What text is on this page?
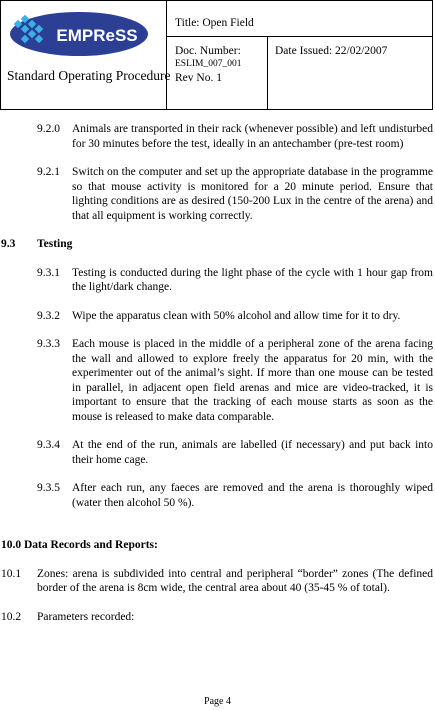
EMPReSS
Standard Operating Procedure
Title: Open Field
Doc. Number:
ESLIM_007_001
Rev No. 1
Date Issued: 22/02/2007
9.2.0 Animals are transported in their rack (whenever possible) and left undisturbed for 30 minutes before the test, ideally in an antechamber (pre-test room)
9.2.1 Switch on the computer and set up the appropriate database in the programme so that mouse activity is monitored for a 20 minute period. Ensure that lighting conditions are as desired (150-200 Lux in the centre of the arena) and that all equipment is working correctly.
9.3 Testing
9.3.1 Testing is conducted during the light phase of the cycle with 1 hour gap from the light/dark change.
9.3.2 Wipe the apparatus clean with 50% alcohol and allow time for it to dry.
9.3.3 Each mouse is placed in the middle of a peripheral zone of the arena facing the wall and allowed to explore freely the apparatus for 20 min, with the experimenter out of the animal’s sight. If more than one mouse can be tested in parallel, in adjacent open field arenas and mice are video-tracked, it is important to ensure that the tracking of each mouse starts as soon as the mouse is released to make data comparable.
9.3.4 At the end of the run, animals are labelled (if necessary) and put back into their home cage.
9.3.5 After each run, any faeces are removed and the arena is thoroughly wiped (water then alcohol 50 %).
10.0 Data Records and Reports:
10.1 Zones: arena is subdivided into central and peripheral “border” zones (The defined border of the arena is 8cm wide, the central area about 40 (35-45 % of total).
10.2 Parameters recorded:
Page 4
